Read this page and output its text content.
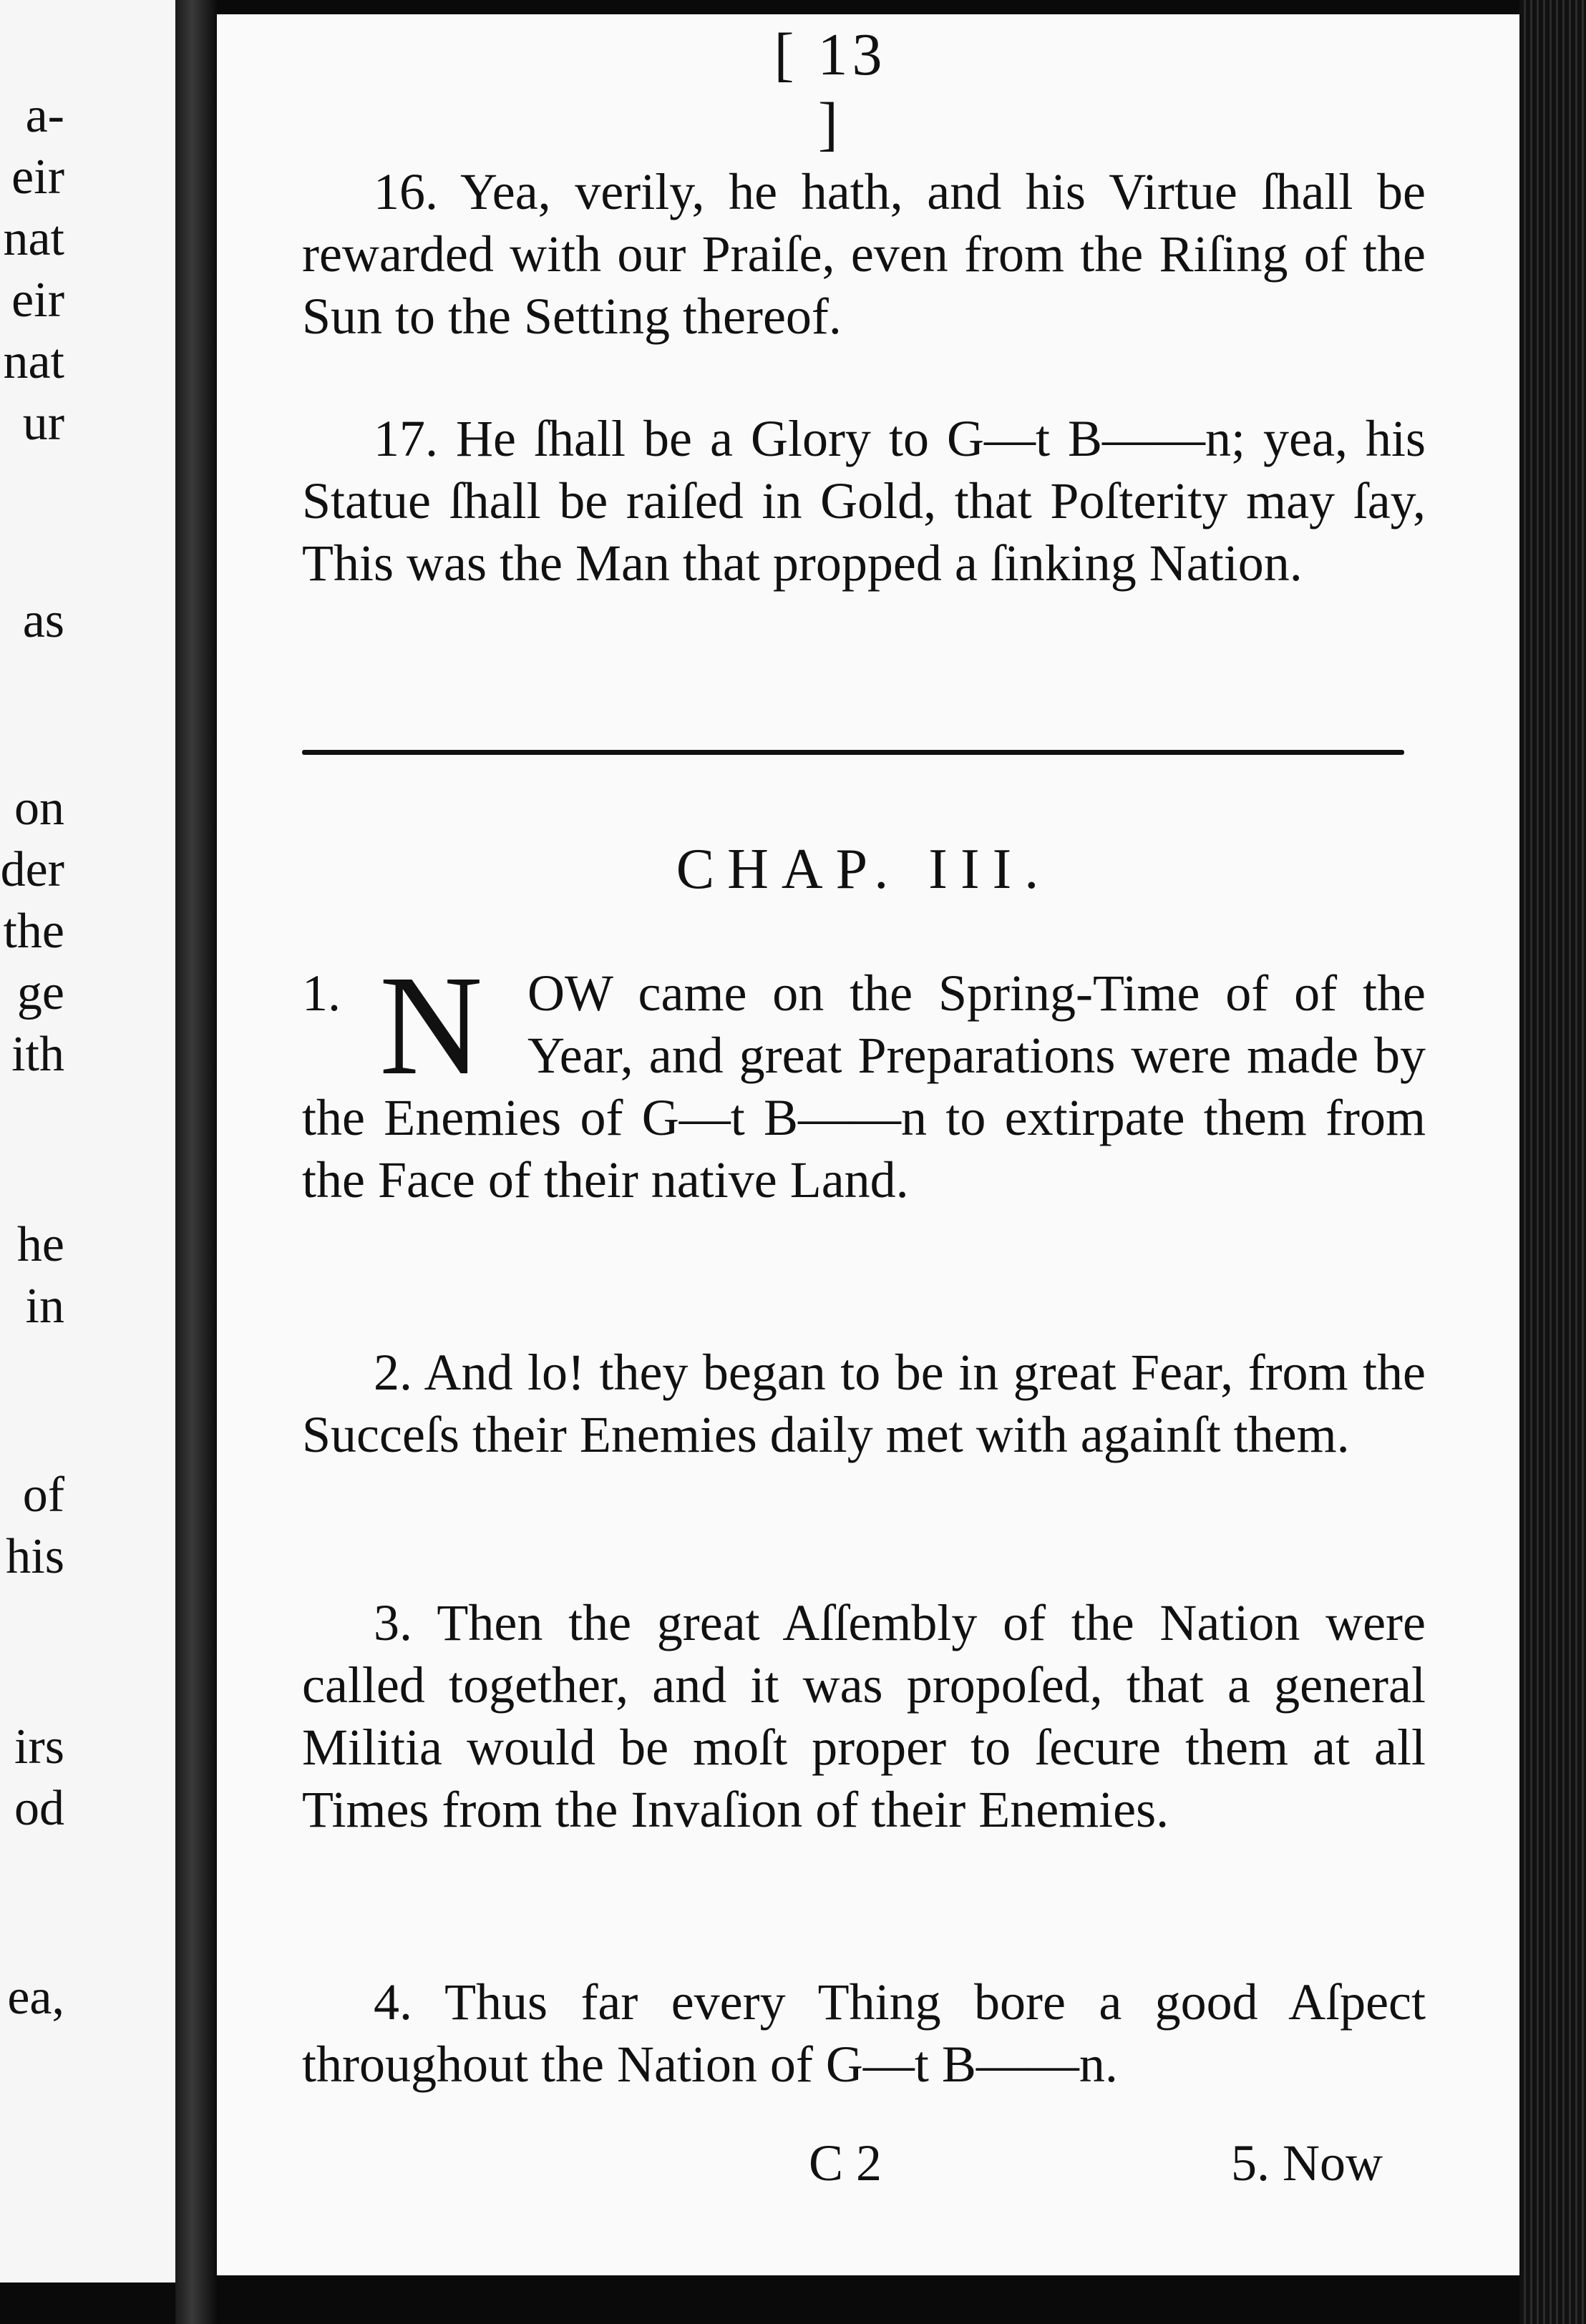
a-
eir
nat
eir
nat
ur
as
on
der
the
ge
ith
he
in
of
his
irs
od
ea,
[ 13 ]

16. Yea, verily, he hath, and his Virtue ſhall be rewarded with our Praiſe, even from the Riſing of the Sun to the Setting thereof.

17. He ſhall be a Glory to G—t B——n; yea, his Statue ſhall be raiſed in Gold, that Poſterity may ſay, This was the Man that propped a ſinking Nation.

CHAP. III.
1. N OW came on the Spring-Time of of the Year, and great Preparations were made by the Enemies of G—t B——n to extirpate them from the Face of their native Land.

2. And lo! they began to be in great Fear, from the Succeſs their Enemies daily met with againſt them.

3. Then the great Aſſembly of the Nation were called together, and it was propoſed, that a general Militia would be moſt proper to ſecure them at all Times from the Invaſion of their Enemies.

4. Thus far every Thing bore a good Aſpect throughout the Nation of G—t B——n.

C 2	5. Now
